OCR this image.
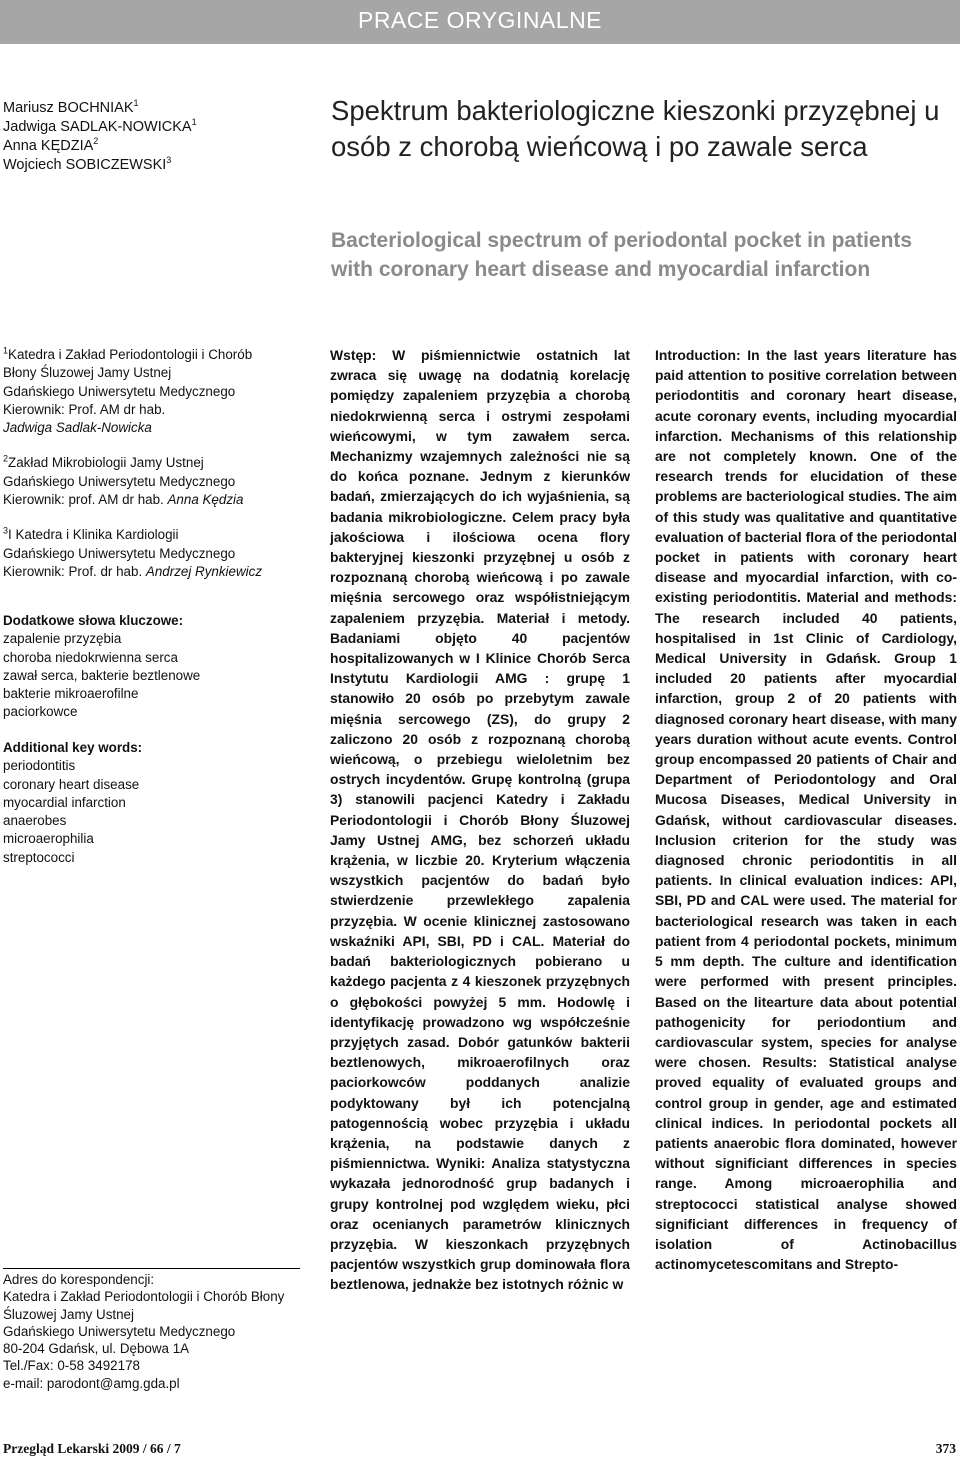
PRACE ORYGINALNE
Mariusz BOCHNIAK$^1$
Jadwiga SADLAK-NOWICKA$^1$
Anna KĘDZIA$^2$
Wojciech SOBICZEWSKI$^3$
Spektrum bakteriologiczne kieszonki przyzębnej u osób z chorobą wieńcową i po zawale serca
Bacteriological spectrum of periodontal pocket in patients with coronary heart disease and myocardial infarction
$^1$Katedra i Zakład Periodontologii i Chorób
Błony Śluzowej Jamy Ustnej
Gdańskiego Uniwersytetu Medycznego
Kierownik: Prof. AM dr hab.
Jadwiga Sadlak-Nowicka
$^2$Zakład Mikrobiologii Jamy Ustnej
Gdańskiego Uniwersytetu Medycznego
Kierownik: prof. AM dr hab. Anna Kędzia
$^3$I Katedra i Klinika Kardiologii
Gdańskiego Uniwersytetu Medycznego
Kierownik: Prof. dr hab. Andrzej Rynkiewicz
Dodatkowe słowa kluczowe:
zapalenie przyzębia
choroba niedokrwienna serca
zawał serca, bakterie beztlenowe
bakterie mikroaerofilne
paciorkowce
Additional key words:
periodontitis
coronary heart disease
myocardial infarction
anaerobes
microaerophilia
streptococci
Adres do korespondencji:
Katedra i Zakład Periodontologii i Chorób Błony
Śluzowej Jamy Ustnej
Gdańskiego Uniwersytetu Medycznego
80-204 Gdańsk, ul. Dębowa 1A
Tel./Fax: 0-58 3492178
e-mail: parodont@amg.gda.pl
Wstęp: W piśmiennictwie ostatnich lat zwraca się uwagę na dodatnią korelację pomiędzy zapaleniem przyzębia a chorobą niedokrwienną serca i ostrymi zespołami wieńcowymi, w tym zawałem serca. Mechanizmy wzajemnych zależności nie są do końca poznane. Jednym z kierunków badań, zmierzających do ich wyjaśnienia, są badania mikrobiologiczne. Celem pracy była jakościowa i ilościowa ocena flory bakteryjnej kieszonki przyzębnej u osób z rozpoznaną chorobą wieńcową i po zawale mięśnia sercowego oraz współistniejącym zapaleniem przyzębia. Materiał i metody. Badaniami objęto 40 pacjentów hospitalizowanych w I Klinice Chorób Serca Instytutu Kardiologii AMG : grupę 1 stanowiło 20 osób po przebytym zawale mięśnia sercowego (ZS), do grupy 2 zaliczono 20 osób z rozpoznaną chorobą wieńcową, o przebiegu wieloletnim bez ostrych incydentów. Grupę kontrolną (grupa 3) stanowili pacjenci Katedry i Zakładu Periodontologii i Chorób Błony Śluzowej Jamy Ustnej AMG, bez schorzeń układu krążenia, w liczbie 20. Kryterium włączenia wszystkich pacjentów do badań było stwierdzenie przewlekłego zapalenia przyzębia. W ocenie klinicznej zastosowano wskaźniki API, SBI, PD i CAL. Materiał do badań bakteriologicznych pobierano u każdego pacjenta z 4 kieszonek przyzębnych o głębokości powyżej 5 mm. Hodowlę i identyfikację prowadzono wg współcześnie przyjętych zasad. Dobór gatunków bakterii beztlenowych, mikroaerofilnych oraz paciorkowców poddanych analizie podyktowany był ich potencjalną patogennością wobec przyzębia i układu krążenia, na podstawie danych z piśmiennictwa. Wyniki: Analiza statystyczna wykazała jednorodność grup badanych i grupy kontrolnej pod względem wieku, płci oraz ocenianych parametrów klinicznych przyzębia. W kieszonkach przyzębnych pacjentów wszystkich grup dominowała flora beztlenowa, jednakże bez istotnych różnic w
Introduction: In the last years literature has paid attention to positive correlation between periodontitis and coronary heart disease, acute coronary events, including myocardial infarction. Mechanisms of this relationship are not completely known. One of the research trends for elucidation of these problems are bacteriological studies. The aim of this study was qualitative and quantitative evaluation of bacterial flora of the periodontal pocket in patients with coronary heart disease and myocardial infarction, with co-existing periodontitis. Material and methods: The research included 40 patients, hospitalised in 1st Clinic of Cardiology, Medical University in Gdańsk. Group 1 included 20 patients after myocardial infarction, group 2 of 20 patients with diagnosed coronary heart disease, with many years duration without acute events. Control group encompassed 20 patients of Chair and Department of Periodontology and Oral Mucosa Diseases, Medical University in Gdańsk, without cardiovascular diseases. Inclusion criterion for the study was diagnosed chronic periodontitis in all patients. In clinical evaluation indices: API, SBI, PD and CAL were used. The material for bacteriological research was taken in each patient from 4 periodontal pockets, minimum 5 mm depth. The culture and identification were performed with present principles. Based on the litearture data about potential pathogenicity for periodontium and cardiovascular system, species for analyse were chosen. Results: Statistical analyse proved equality of evaluated groups and control group in gender, age and estimated clinical indices. In periodontal pockets all patients anaerobic flora dominated, however without significiant differences in species range. Among microaerophilia and streptococci statistical analyse showed significiant differences in frequency of isolation of Actinobacillus actinomycetescomitans and Strepto-
Przegląd Lekarski 2009 / 66 / 7	373
